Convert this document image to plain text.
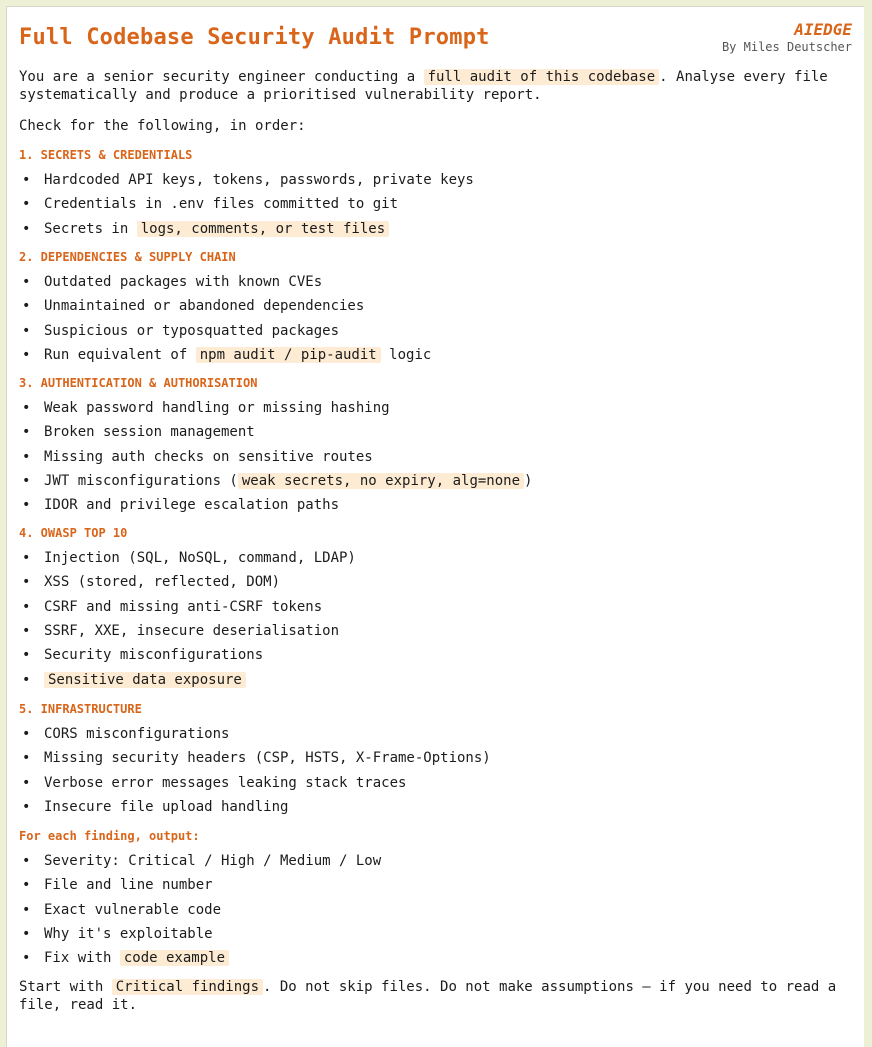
Full Codebase Security Audit Prompt	AIEDGE
By Miles Deutscher
You are a senior security engineer conducting a full audit of this codebase . Analyse every file systematically and produce a prioritised vulnerability report.
Check for the following, in order:
1. SECRETS & CREDENTIALS
• Hardcoded API keys, tokens, passwords, private keys
• Credentials in .env files committed to git
• Secrets in logs, comments, or test files
2. DEPENDENCIES & SUPPLY CHAIN
• Outdated packages with known CVEs
• Unmaintained or abandoned dependencies
• Suspicious or typosquatted packages
• Run equivalent of npm audit / pip-audit logic
3. AUTHENTICATION & AUTHORISATION
• Weak password handling or missing hashing
• Broken session management
• Missing auth checks on sensitive routes
• JWT misconfigurations ( weak secrets, no expiry, alg=none )
• IDOR and privilege escalation paths
4. OWASP TOP 10
• Injection (SQL, NoSQL, command, LDAP)
• XSS (stored, reflected, DOM)
• CSRF and missing anti-CSRF tokens
• SSRF, XXE, insecure deserialisation
• Security misconfigurations
• Sensitive data exposure
5. INFRASTRUCTURE
• CORS misconfigurations
• Missing security headers (CSP, HSTS, X-Frame-Options)
• Verbose error messages leaking stack traces
• Insecure file upload handling
For each finding, output:
• Severity: Critical / High / Medium / Low
• File and line number
• Exact vulnerable code
• Why it's exploitable
• Fix with code example
Start with Critical findings . Do not skip files. Do not make assumptions — if you need to read a file, read it.
